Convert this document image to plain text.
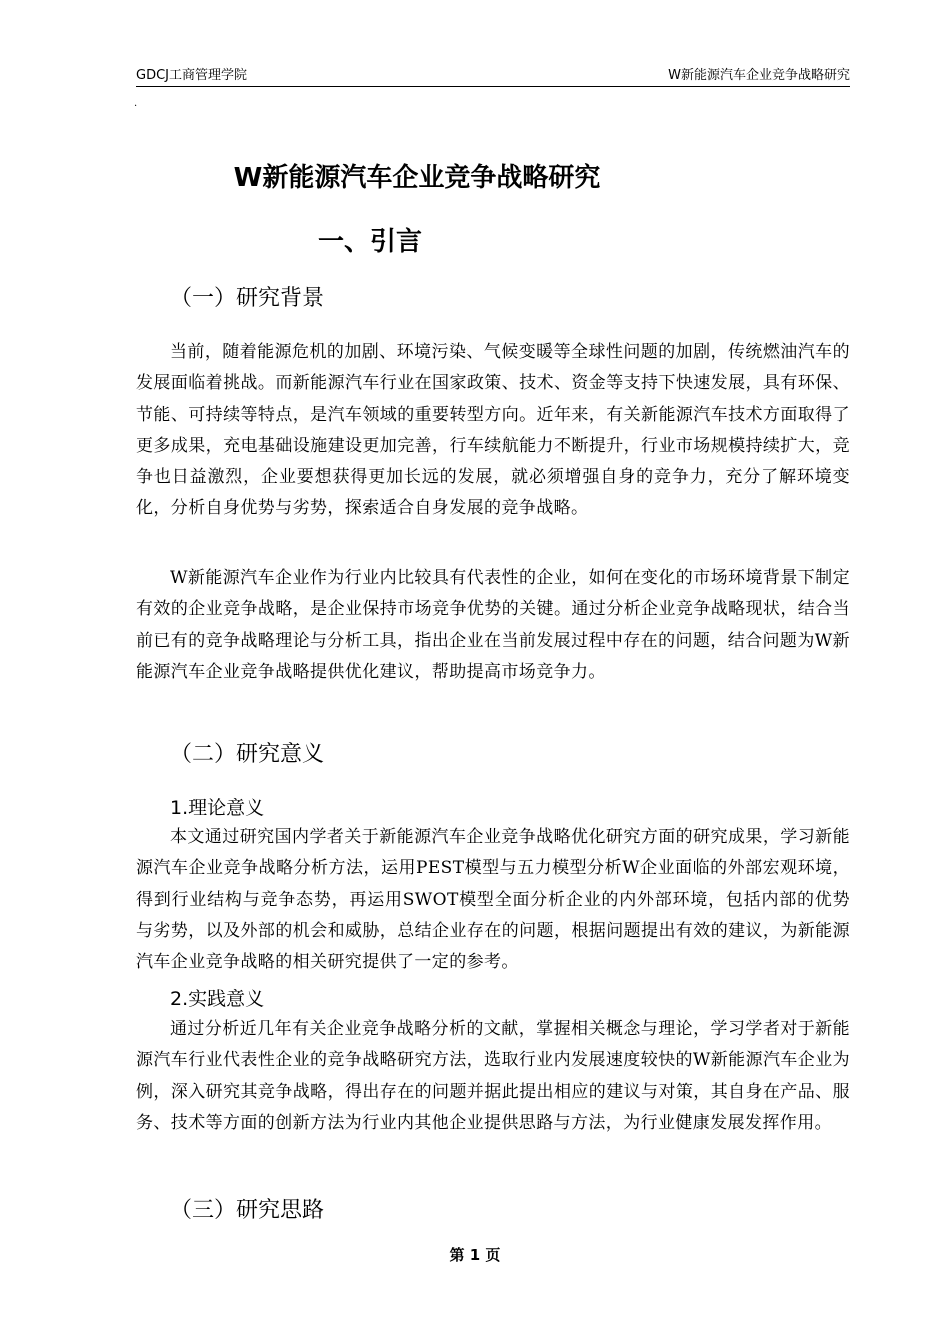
GDCJ工商管理学院	W新能源汽车企业竞争战略研究
.
W新能源汽车企业竞争战略研究
一、引言
（一）研究背景

当前，随着能源危机的加剧、环境污染、气候变暖等全球性问题的加剧，传统燃油汽车的发展面临着挑战。而新能源汽车行业在国家政策、技术、资金等支持下快速发展，具有环保、节能、可持续等特点，是汽车领域的重要转型方向。近年来，有关新能源汽车技术方面取得了更多成果，充电基础设施建设更加完善，行车续航能力不断提升，行业市场规模持续扩大，竞争也日益激烈，企业要想获得更加长远的发展，就必须增强自身的竞争力，充分了解环境变化，分析自身优势与劣势，探索适合自身发展的竞争战略。

W新能源汽车企业作为行业内比较具有代表性的企业，如何在变化的市场环境背景下制定有效的企业竞争战略，是企业保持市场竞争优势的关键。通过分析企业竞争战略现状，结合当前已有的竞争战略理论与分析工具，指出企业在当前发展过程中存在的问题，结合问题为W新能源汽车企业竞争战略提供优化建议，帮助提高市场竞争力。

（二）研究意义
1.理论意义

本文通过研究国内学者关于新能源汽车企业竞争战略优化研究方面的研究成果，学习新能源汽车企业竞争战略分析方法，运用PEST模型与五力模型分析W企业面临的外部宏观环境，得到行业结构与竞争态势，再运用SWOT模型全面分析企业的内外部环境，包括内部的优势与劣势，以及外部的机会和威胁，总结企业存在的问题，根据问题提出有效的建议，为新能源汽车企业竞争战略的相关研究提供了一定的参考。

2.实践意义

通过分析近几年有关企业竞争战略分析的文献，掌握相关概念与理论，学习学者对于新能源汽车行业代表性企业的竞争战略研究方法，选取行业内发展速度较快的W新能源汽车企业为例，深入研究其竞争战略，得出存在的问题并据此提出相应的建议与对策，其自身在产品、服务、技术等方面的创新方法为行业内其他企业提供思路与方法，为行业健康发展发挥作用。

（三）研究思路
第 1 页
